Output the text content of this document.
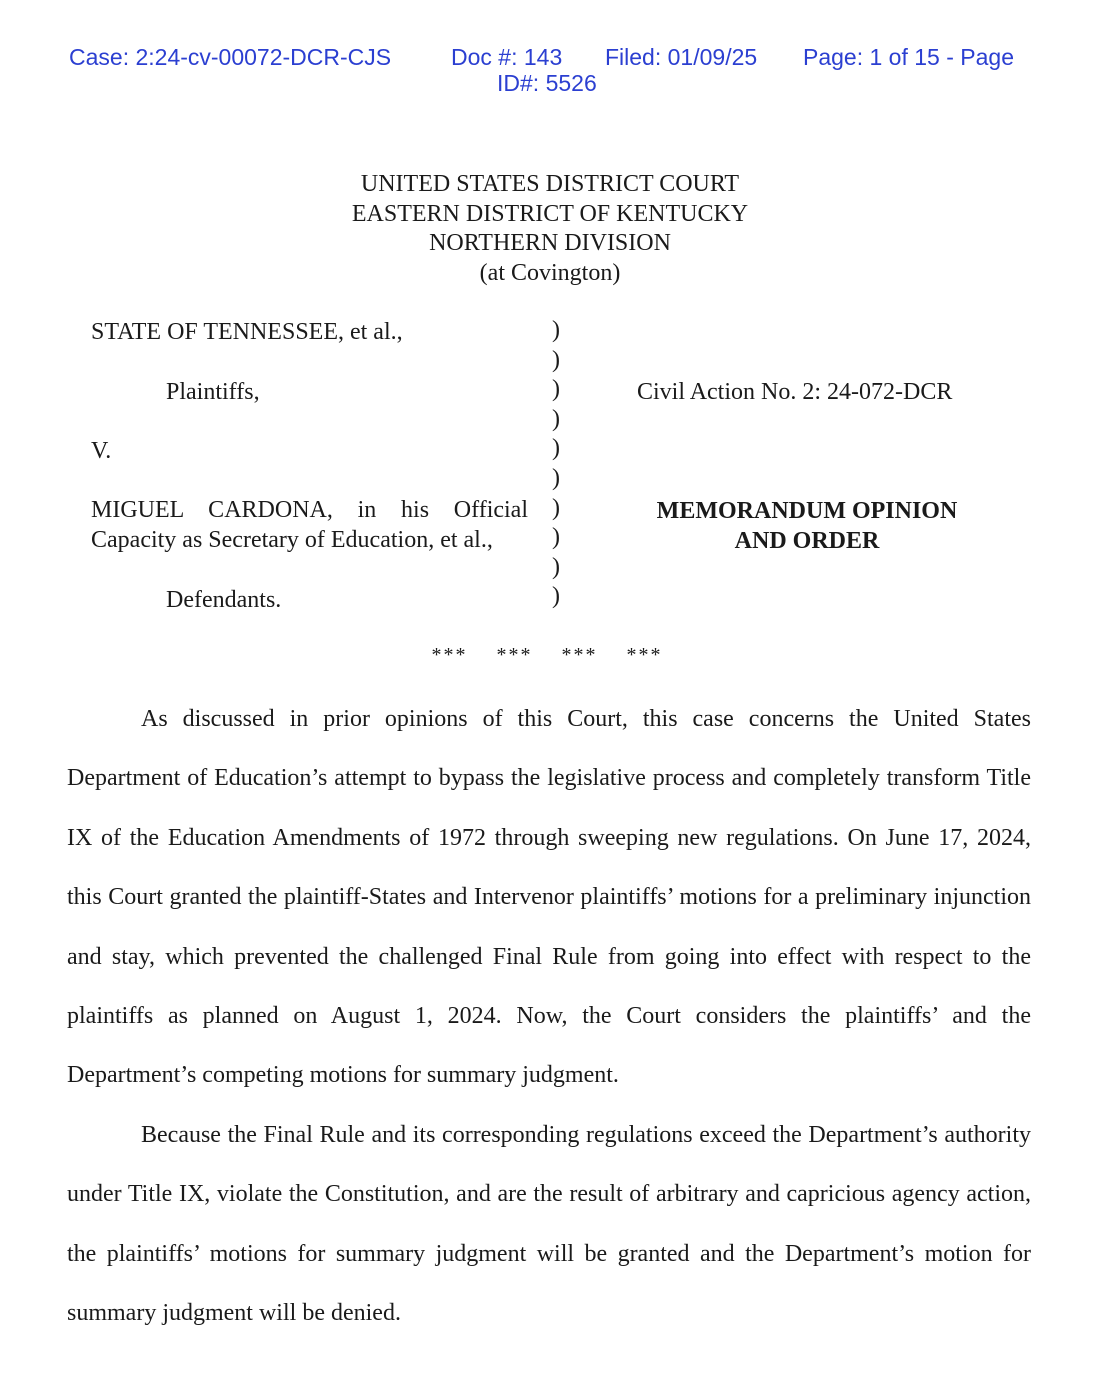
Case: 2:24-cv-00072-DCR-CJS	Doc #: 143 Filed: 01/09/25 Page: 1 of 15 - Page
ID#: 5526
UNITED STATES DISTRICT COURT
EASTERN DISTRICT OF KENTUCKY
NORTHERN DIVISION
(at Covington)
STATE OF TENNESSEE, et al.,
Plaintiffs,
V.
MIGUEL CARDONA, in his Official
Capacity as Secretary of Education, et al.,
Defendants.
)
)
)
)
)
)
)
)
)
)
Civil Action No. 2: 24-072-DCR
MEMORANDUM OPINION
AND ORDER
*** *** *** ***
As discussed in prior opinions of this Court, this case concerns the United States Department of Education’s attempt to bypass the legislative process and completely transform Title IX of the Education Amendments of 1972 through sweeping new regulations. On June 17, 2024, this Court granted the plaintiff-States and Intervenor plaintiffs’ motions for a preliminary injunction and stay, which prevented the challenged Final Rule from going into effect with respect to the plaintiffs as planned on August 1, 2024. Now, the Court considers the plaintiffs’ and the Department’s competing motions for summary judgment.
Because the Final Rule and its corresponding regulations exceed the Department’s authority under Title IX, violate the Constitution, and are the result of arbitrary and capricious agency action, the plaintiffs’ motions for summary judgment will be granted and the Department’s motion for summary judgment will be denied.
